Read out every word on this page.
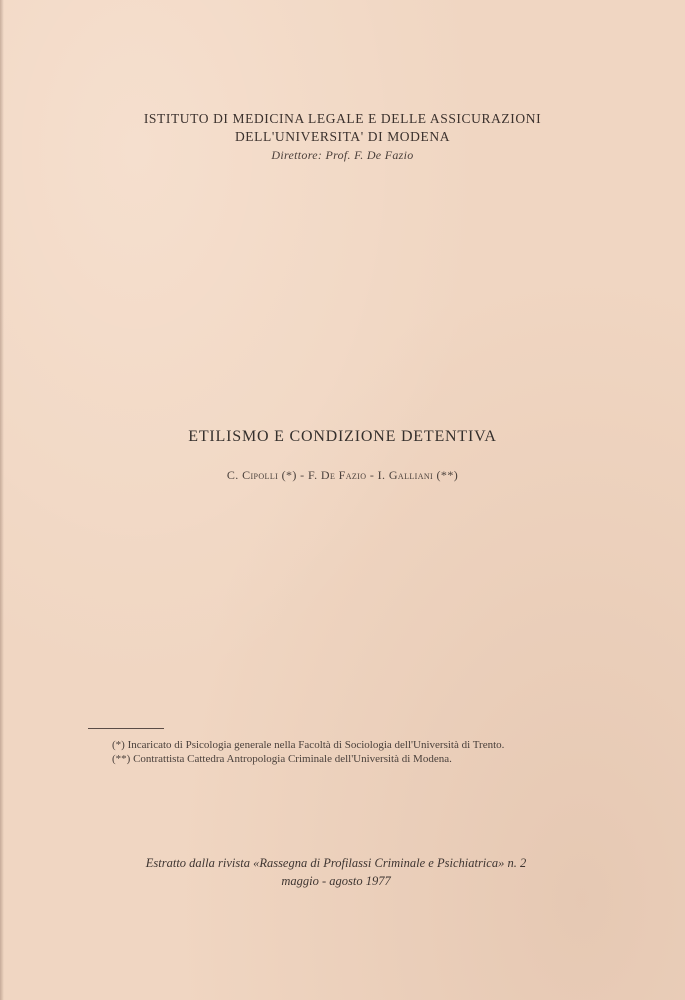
ISTITUTO DI MEDICINA LEGALE E DELLE ASSICURAZIONI
DELL'UNIVERSITA' DI MODENA
Direttore: Prof. F. De Fazio
ETILISMO E CONDIZIONE DETENTIVA
C. Cipolli (*) - F. De Fazio - I. Galliani (**)

(*) Incaricato di Psicologia generale nella Facoltà di Sociologia dell'Università di Trento.

(**) Contrattista Cattedra Antropologia Criminale dell'Università di Modena.

Estratto dalla rivista «Rassegna di Profilassi Criminale e Psichiatrica» n. 2
maggio - agosto 1977
